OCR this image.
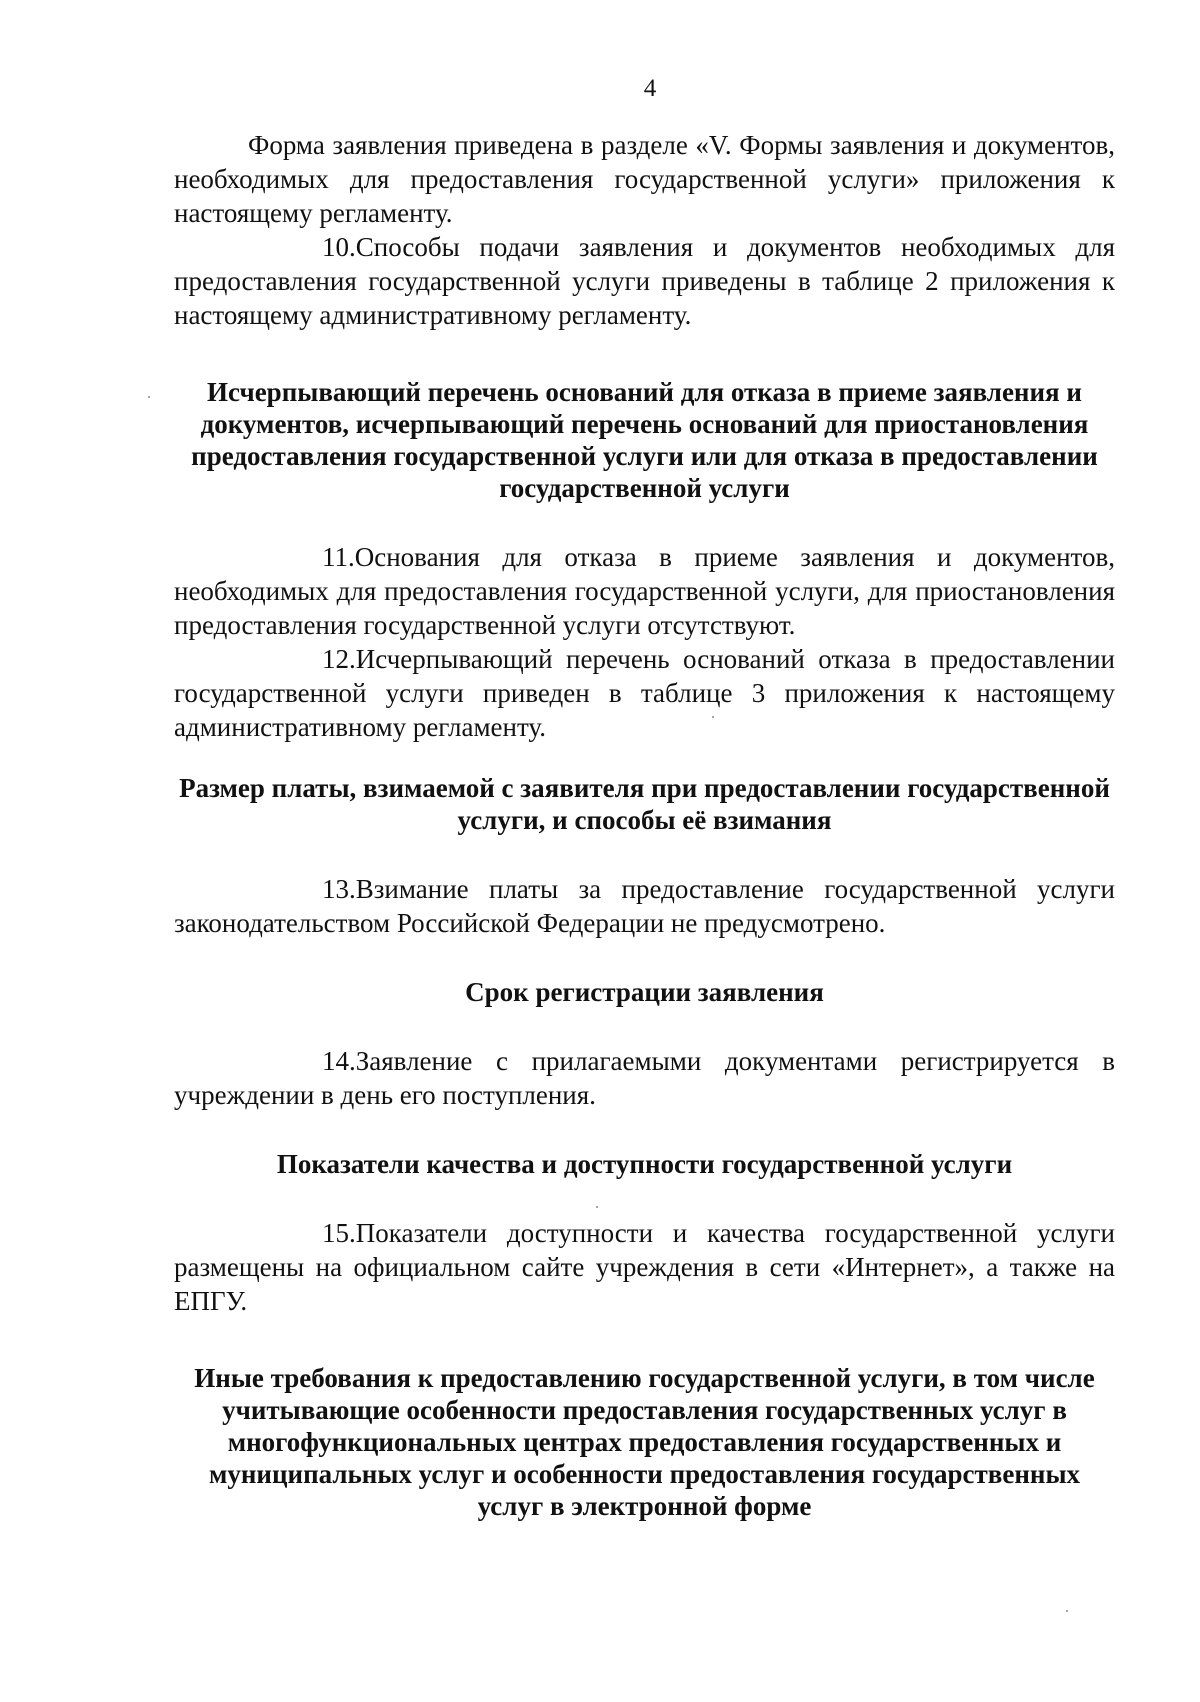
4

Форма заявления приведена в разделе «V. Формы заявления и документов, необходимых для предоставления государственной услуги» приложения к настоящему регламенту.

10.Способы подачи заявления и документов необходимых для предоставления государственной услуги приведены в таблице 2 приложения к настоящему административному регламенту.

Исчерпывающий перечень оснований для отказа в приеме заявления и документов, исчерпывающий перечень оснований для приостановления предоставления государственной услуги или для отказа в предоставлении государственной услуги

11.Основания для отказа в приеме заявления и документов, необходимых для предоставления государственной услуги, для приостановления предоставления государственной услуги отсутствуют.

12.Исчерпывающий перечень оснований отказа в предоставлении государственной услуги приведен в таблице 3 приложения к настоящему административному регламенту.

Размер платы, взимаемой с заявителя при предоставлении государственной услуги, и способы её взимания

13.Взимание платы за предоставление государственной услуги законодательством Российской Федерации не предусмотрено.

Срок регистрации заявления

14.Заявление с прилагаемыми документами регистрируется в учреждении в день его поступления.

Показатели качества и доступности государственной услуги

15.Показатели доступности и качества государственной услуги размещены на официальном сайте учреждения в сети «Интернет», а также на ЕПГУ.

Иные требования к предоставлению государственной услуги, в том числе учитывающие особенности предоставления государственных услуг в многофункциональных центрах предоставления государственных и муниципальных услуг и особенности предоставления государственных услуг в электронной форме
